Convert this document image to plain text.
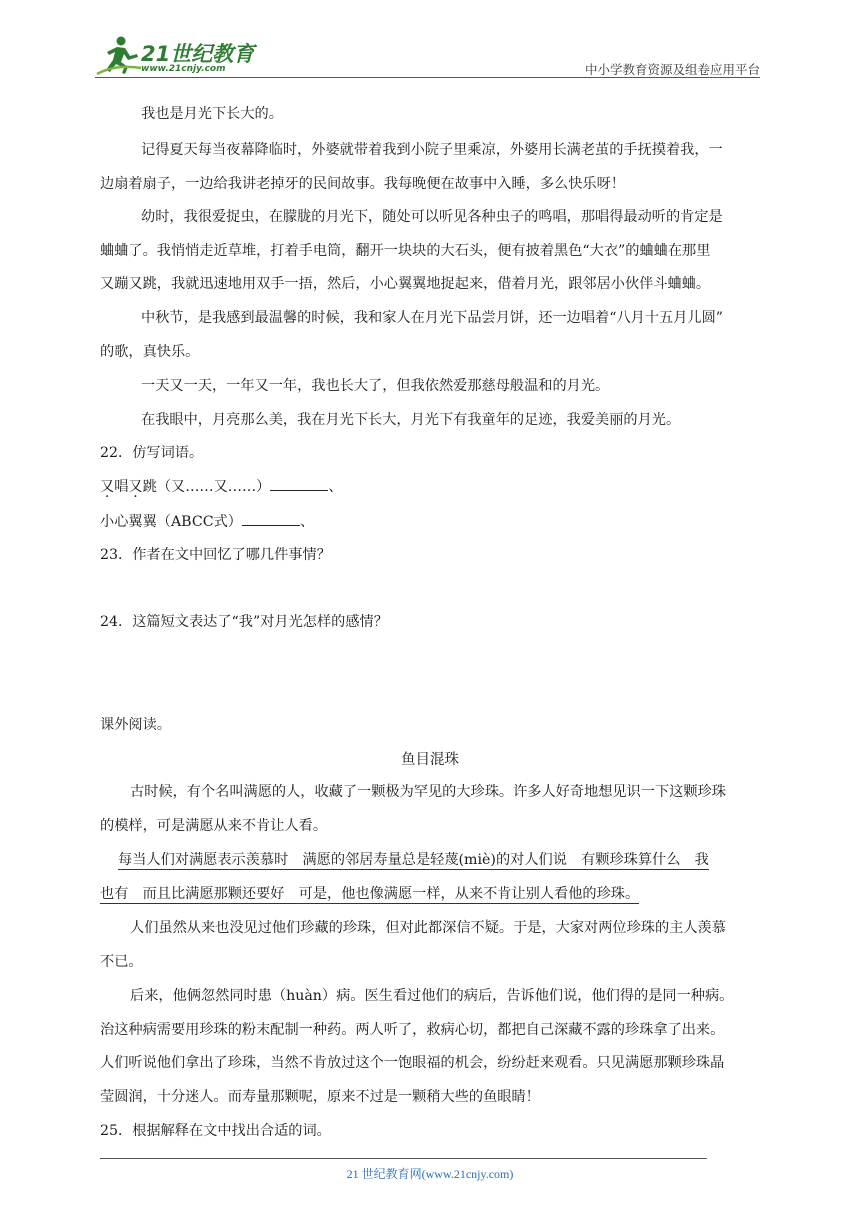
21世纪教育
www.21cnjy.com	中小学教育资源及组卷应用平台
我也是月光下长大的。
记得夏天每当夜幕降临时，外婆就带着我到小院子里乘凉，外婆用长满老茧的手抚摸着我，一
边扇着扇子，一边给我讲老掉牙的民间故事。我每晚便在故事中入睡，多么快乐呀！
幼时，我很爱捉虫，在朦胧的月光下，随处可以听见各种虫子的鸣唱，那唱得最动听的肯定是
蛐蛐了。我悄悄走近草堆，打着手电筒，翻开一块块的大石头，便有披着黑色“大衣”的蛐蛐在那里
又蹦又跳，我就迅速地用双手一捂，然后，小心翼翼地捉起来，借着月光，跟邻居小伙伴斗蛐蛐。
中秋节，是我感到最温馨的时候，我和家人在月光下品尝月饼，还一边唱着“八月十五月儿圆”
的歌，真快乐。
一天又一天，一年又一年，我也长大了，但我依然爱那慈母般温和的月光。
在我眼中，月亮那么美，我在月光下长大，月光下有我童年的足迹，我爱美丽的月光。
22．仿写词语。
又唱又跳（又……又……）	、
小心翼翼（ABCC式）	、
23．作者在文中回忆了哪几件事情？
24．这篇短文表达了“我”对月光怎样的感情？
课外阅读。
鱼目混珠
古时候，有个名叫满愿的人，收藏了一颗极为罕见的大珍珠。许多人好奇地想见识一下这颗珍珠
的模样，可是满愿从来不肯让人看。
每当人们对满愿表示羡慕时　满愿的邻居寿量总是轻蔑(miè)的对人们说　有颗珍珠算什么　我
也有　而且比满愿那颗还要好　可是，他也像满愿一样，从来不肯让别人看他的珍珠。
人们虽然从来也没见过他们珍藏的珍珠，但对此都深信不疑。于是，大家对两位珍珠的主人羡慕
不已。
后来，他俩忽然同时患（huàn）病。医生看过他们的病后，告诉他们说，他们得的是同一种病。
治这种病需要用珍珠的粉末配制一种药。两人听了，救病心切，都把自己深藏不露的珍珠拿了出来。
人们听说他们拿出了珍珠，当然不肯放过这个一饱眼福的机会，纷纷赶来观看。只见满愿那颗珍珠晶
莹圆润，十分迷人。而寿量那颗呢，原来不过是一颗稍大些的鱼眼睛！
25．根据解释在文中找出合适的词。
21 世纪教育网(www.21cnjy.com)
